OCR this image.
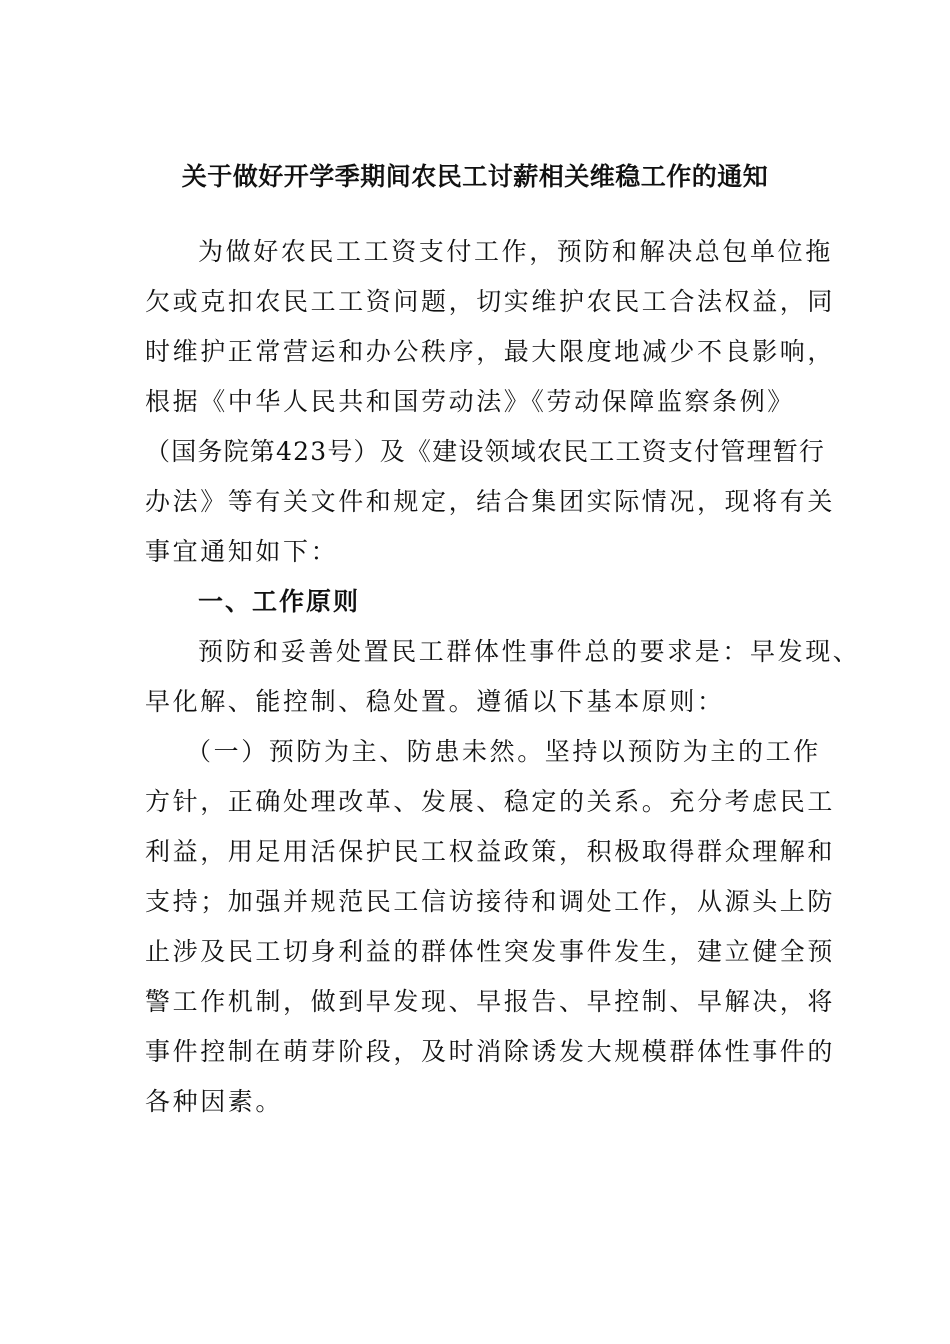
关于做好开学季期间农民工讨薪相关维稳工作的通知
为做好农民工工资支付工作，预防和解决总包单位拖
欠或克扣农民工工资问题，切实维护农民工合法权益，同
时维护正常营运和办公秩序，最大限度地减少不良影响，
根据《中华人民共和国劳动法》《劳动保障监察条例》
（国务院第423号）及《建设领域农民工工资支付管理暂行
办法》等有关文件和规定，结合集团实际情况，现将有关
事宜通知如下：
一、工作原则
预防和妥善处置民工群体性事件总的要求是：早发现、
早化解、能控制、稳处置。遵循以下基本原则：
（一）预防为主、防患未然。坚持以预防为主的工作
方针，正确处理改革、发展、稳定的关系。充分考虑民工
利益，用足用活保护民工权益政策，积极取得群众理解和
支持；加强并规范民工信访接待和调处工作，从源头上防
止涉及民工切身利益的群体性突发事件发生，建立健全预
警工作机制，做到早发现、早报告、早控制、早解决，将
事件控制在萌芽阶段，及时消除诱发大规模群体性事件的
各种因素。
